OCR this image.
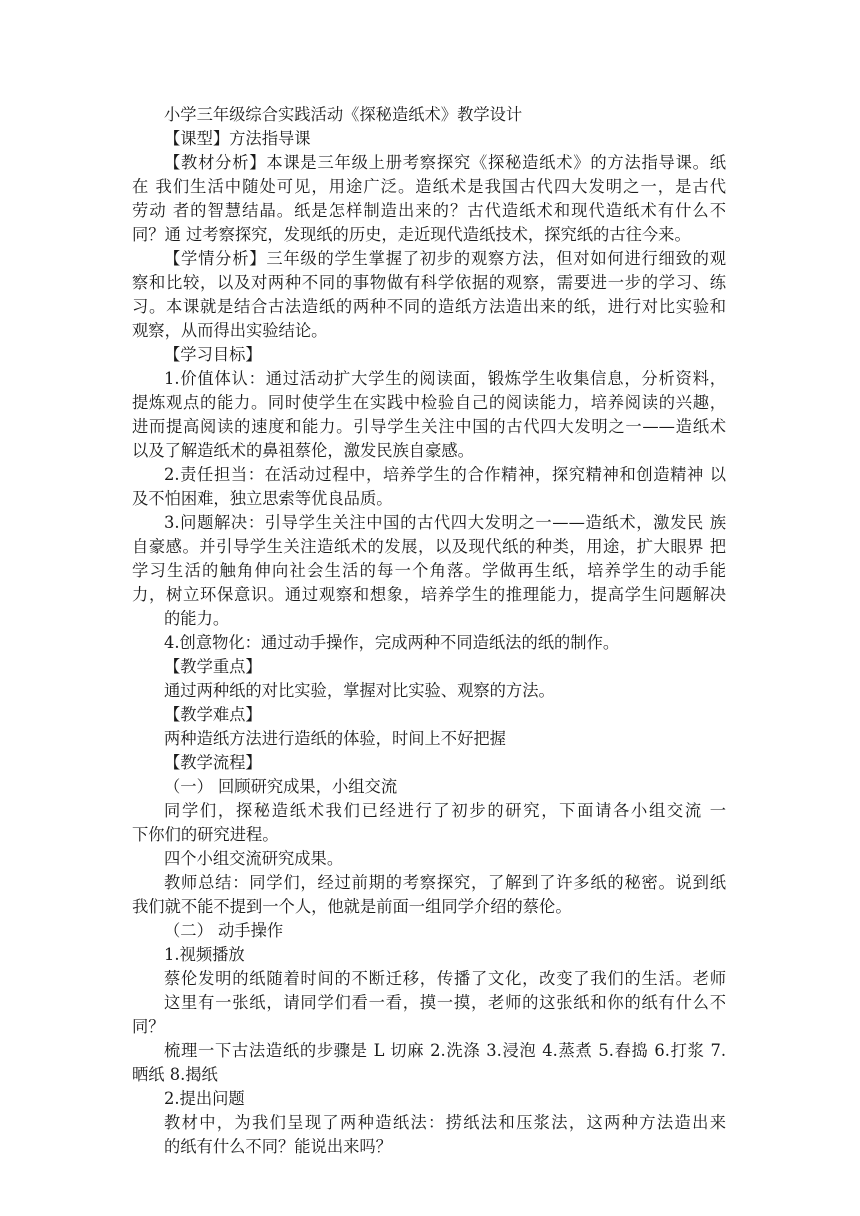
小学三年级综合实践活动《探秘造纸术》教学设计
【课型】方法指导课
【教材分析】本课是三年级上册考察探究《探秘造纸术》的方法指导课。纸
在 我们生活中随处可见，用途广泛。造纸术是我国古代四大发明之一，是古代
劳动 者的智慧结晶。纸是怎样制造出来的？古代造纸术和现代造纸术有什么不
同？通 过考察探究，发现纸的历史，走近现代造纸技术，探究纸的古往今来。
【学情分析】三年级的学生掌握了初步的观察方法，但对如何进行细致的观
察和比较，以及对两种不同的事物做有科学依据的观察，需要进一步的学习、练
习。本课就是结合古法造纸的两种不同的造纸方法造出来的纸，进行对比实验和
观察，从而得出实验结论。
【学习目标】
1.价值体认：通过活动扩大学生的阅读面，锻炼学生收集信息，分析资料，
提炼观点的能力。同时使学生在实践中检验自己的阅读能力，培养阅读的兴趣，
进而提高阅读的速度和能力。引导学生关注中国的古代四大发明之一——造纸术
以及了解造纸术的鼻祖蔡伦，激发民族自豪感。
2.责任担当：在活动过程中，培养学生的合作精神，探究精神和创造精神 以
及不怕困难，独立思索等优良品质。
3.问题解决：引导学生关注中国的古代四大发明之一——造纸术，激发民 族
自豪感。并引导学生关注造纸术的发展，以及现代纸的种类，用途，扩大眼界 把
学习生活的触角伸向社会生活的每一个角落。学做再生纸，培养学生的动手能
力，树立环保意识。通过观察和想象，培养学生的推理能力，提高学生问题解决
的能力。
4.创意物化：通过动手操作，完成两种不同造纸法的纸的制作。
【教学重点】
通过两种纸的对比实验，掌握对比实验、观察的方法。
【教学难点】
两种造纸方法进行造纸的体验，时间上不好把握
【教学流程】
（一） 回顾研究成果，小组交流
同学们，探秘造纸术我们已经进行了初步的研究，下面请各小组交流 一
下你们的研究进程。
四个小组交流研究成果。
教师总结：同学们，经过前期的考察探究，了解到了许多纸的秘密。说到纸
我们就不能不提到一个人，他就是前面一组同学介绍的蔡伦。
（二） 动手操作
1.视频播放
蔡伦发明的纸随着时间的不断迁移，传播了文化，改变了我们的生活。老师
这里有一张纸，请同学们看一看，摸一摸，老师的这张纸和你的纸有什么不
同？
梳理一下古法造纸的步骤是 L 切麻 2.洗涤 3.浸泡 4.蒸煮 5.舂捣 6.打浆 7.
晒纸 8.揭纸
2.提出问题
教材中，为我们呈现了两种造纸法：捞纸法和压浆法，这两种方法造出来
的纸有什么不同？能说出来吗？
